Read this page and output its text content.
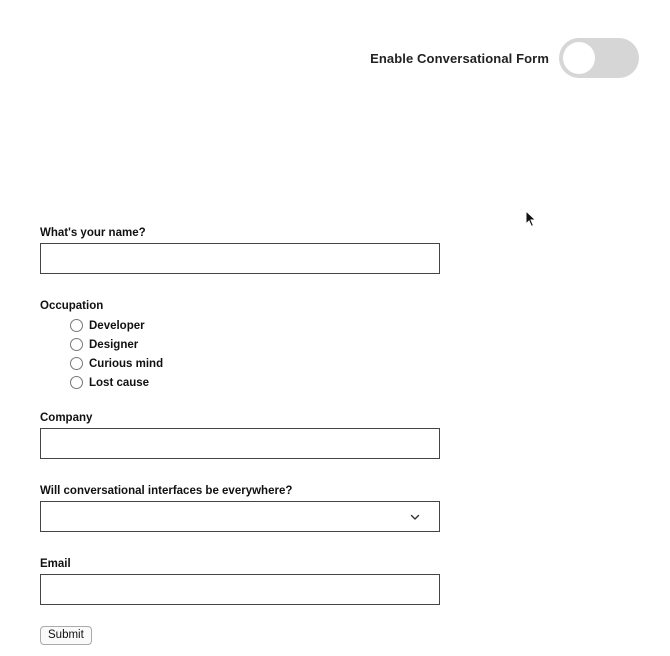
Enable Conversational Form
What's your name?
Occupation
Developer
Designer
Curious mind
Lost cause
Company
Will conversational interfaces be everywhere?
Email
Submit
